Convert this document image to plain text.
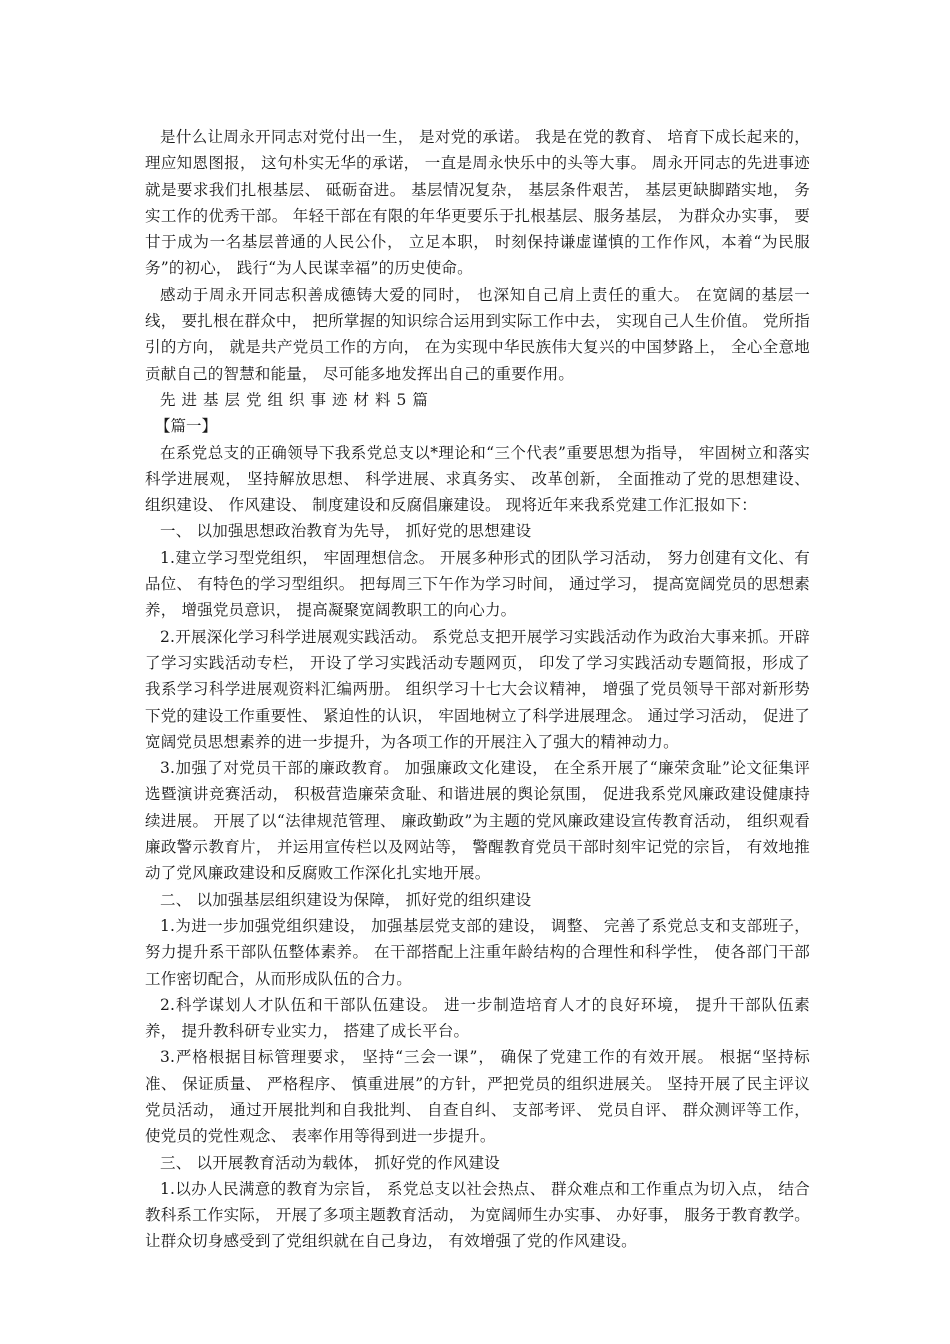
是什么让周永开同志对党付出一生， 是对党的承诺。 我是在党的教育、 培育下成长起来的， 理应知恩图报， 这句朴实无华的承诺， 一直是周永快乐中的头等大事。 周永开同志的先进事迹就是要求我们扎根基层、 砥砺奋进。 基层情况复杂， 基层条件艰苦， 基层更缺脚踏实地， 务实工作的优秀干部。 年轻干部在有限的年华更要乐于扎根基层、服务基层， 为群众办实事， 要甘于成为一名基层普通的人民公仆， 立足本职， 时刻保持谦虚谨慎的工作作风，本着“为民服务”的初心， 践行“为人民谋幸福”的历史使命。

感动于周永开同志积善成德铸大爱的同时， 也深知自己肩上责任的重大。 在宽阔的基层一线， 要扎根在群众中， 把所掌握的知识综合运用到实际工作中去， 实现自己人生价值。 党所指引的方向， 就是共产党员工作的方向， 在为实现中华民族伟大复兴的中国梦路上， 全心全意地贡献自己的智慧和能量， 尽可能多地发挥出自己的重要作用。

先进基层党组织事迹材料5篇

【篇一】

在系党总支的正确领导下我系党总支以*理论和“三个代表”重要思想为指导， 牢固树立和落实科学进展观， 坚持解放思想、 科学进展、求真务实、 改革创新， 全面推动了党的思想建设、 组织建设、 作风建设、 制度建设和反腐倡廉建设。 现将近年来我系党建工作汇报如下：

一、 以加强思想政治教育为先导， 抓好党的思想建设

1.建立学习型党组织， 牢固理想信念。 开展多种形式的团队学习活动， 努力创建有文化、有品位、 有特色的学习型组织。 把每周三下午作为学习时间， 通过学习， 提高宽阔党员的思想素养， 增强党员意识， 提高凝聚宽阔教职工的向心力。

2.开展深化学习科学进展观实践活动。 系党总支把开展学习实践活动作为政治大事来抓。开辟了学习实践活动专栏， 开设了学习实践活动专题网页， 印发了学习实践活动专题简报，形成了我系学习科学进展观资料汇编两册。 组织学习十七大会议精神， 增强了党员领导干部对新形势下党的建设工作重要性、 紧迫性的认识， 牢固地树立了科学进展理念。 通过学习活动， 促进了宽阔党员思想素养的进一步提升，为各项工作的开展注入了强大的精神动力。

3.加强了对党员干部的廉政教育。 加强廉政文化建设， 在全系开展了“廉荣贪耻”论文征集评选暨演讲竞赛活动， 积极营造廉荣贪耻、和谐进展的舆论氛围， 促进我系党风廉政建设健康持续进展。 开展了以“法律规范管理、 廉政勤政”为主题的党风廉政建设宣传教育活动， 组织观看廉政警示教育片， 并运用宣传栏以及网站等， 警醒教育党员干部时刻牢记党的宗旨， 有效地推动了党风廉政建设和反腐败工作深化扎实地开展。

二、 以加强基层组织建设为保障， 抓好党的组织建设

1.为进一步加强党组织建设， 加强基层党支部的建设， 调整、 完善了系党总支和支部班子， 努力提升系干部队伍整体素养。 在干部搭配上注重年龄结构的合理性和科学性， 使各部门干部工作密切配合，从而形成队伍的合力。

2.科学谋划人才队伍和干部队伍建设。 进一步制造培育人才的良好环境， 提升干部队伍素养， 提升教科研专业实力， 搭建了成长平台。

3.严格根据目标管理要求， 坚持“三会一课”， 确保了党建工作的有效开展。 根据“坚持标准、 保证质量、 严格程序、 慎重进展”的方针，严把党员的组织进展关。 坚持开展了民主评议党员活动， 通过开展批判和自我批判、 自查自纠、 支部考评、 党员自评、 群众测评等工作，使党员的党性观念、 表率作用等得到进一步提升。

三、 以开展教育活动为载体， 抓好党的作风建设

1.以办人民满意的教育为宗旨， 系党总支以社会热点、 群众难点和工作重点为切入点， 结合教科系工作实际， 开展了多项主题教育活动， 为宽阔师生办实事、 办好事， 服务于教育教学。 让群众切身感受到了党组织就在自己身边， 有效增强了党的作风建设。
